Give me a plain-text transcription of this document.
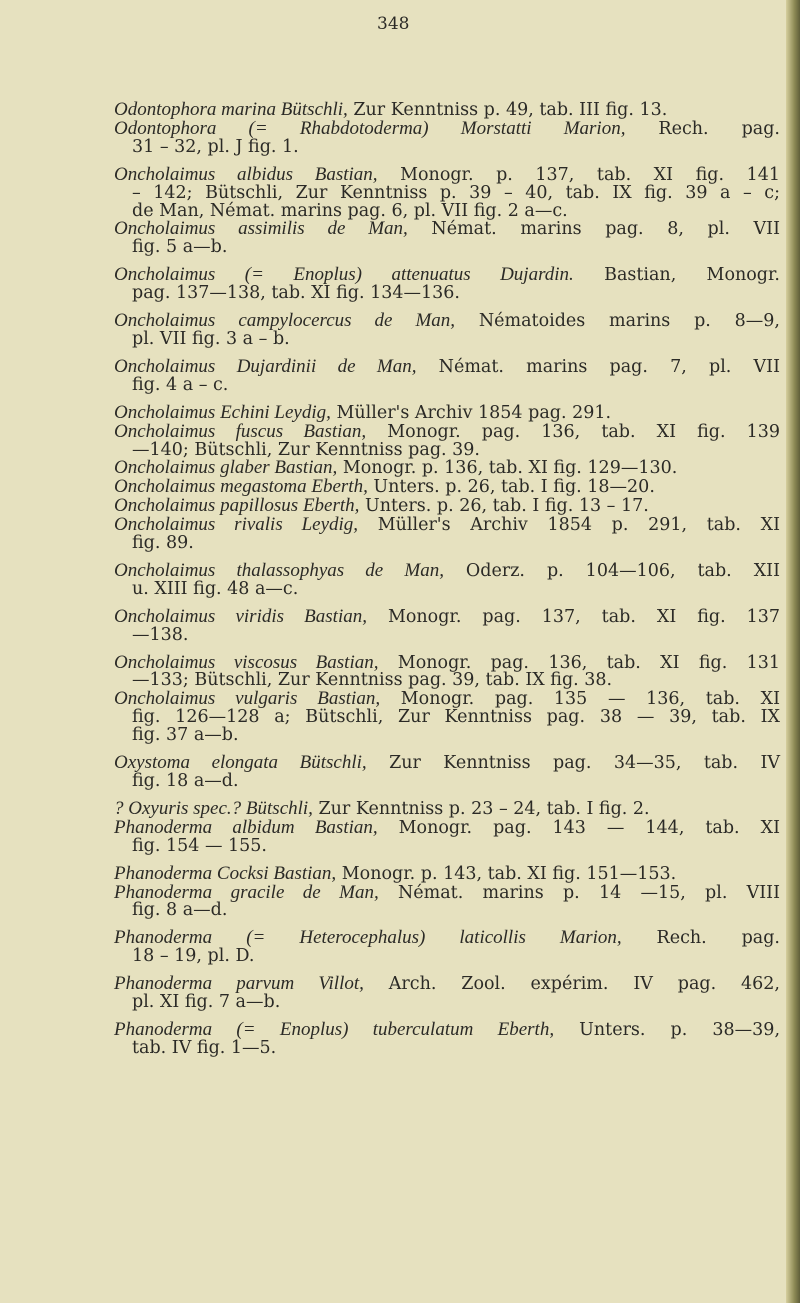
348
Odontophora marina Bütschli, Zur Kenntniss p. 49, tab. III fig. 13.
Odontophora (= Rhabdotoderma) Morstatti Marion, Rech. pag.
31 – 32, pl. J fig. 1.
Oncholaimus albidus Bastian, Monogr. p. 137, tab. XI fig. 141
– 142; Bütschli, Zur Kenntniss p. 39 – 40, tab. IX fig. 39 a – c;
de Man, Némat. marins pag. 6, pl. VII fig. 2 a—c.
Oncholaimus assimilis de Man, Némat. marins pag. 8, pl. VII
fig. 5 a—b.
Oncholaimus (= Enoplus) attenuatus Dujardin. Bastian, Monogr.
pag. 137—138, tab. XI fig. 134—136.
Oncholaimus campylocercus de Man, Nématoides marins p. 8—9,
pl. VII fig. 3 a – b.
Oncholaimus Dujardinii de Man, Némat. marins pag. 7, pl. VII
fig. 4 a – c.
Oncholaimus Echini Leydig, Müller's Archiv 1854 pag. 291.
Oncholaimus fuscus Bastian, Monogr. pag. 136, tab. XI fig. 139
—140; Bütschli, Zur Kenntniss pag. 39.
Oncholaimus glaber Bastian, Monogr. p. 136, tab. XI fig. 129—130.
Oncholaimus megastoma Eberth, Unters. p. 26, tab. I fig. 18—20.
Oncholaimus papillosus Eberth, Unters. p. 26, tab. I fig. 13 – 17.
Oncholaimus rivalis Leydig, Müller's Archiv 1854 p. 291, tab. XI
fig. 89.
Oncholaimus thalassophyas de Man, Oderz. p. 104—106, tab. XII
u. XIII fig. 48 a—c.
Oncholaimus viridis Bastian, Monogr. pag. 137, tab. XI fig. 137
—138.
Oncholaimus viscosus Bastian, Monogr. pag. 136, tab. XI fig. 131
—133; Bütschli, Zur Kenntniss pag. 39, tab. IX fig. 38.
Oncholaimus vulgaris Bastian, Monogr. pag. 135 — 136, tab. XI
fig. 126—128 a; Bütschli, Zur Kenntniss pag. 38 — 39, tab. IX
fig. 37 a—b.
Oxystoma elongata Bütschli, Zur Kenntniss pag. 34—35, tab. IV
fig. 18 a—d.
? Oxyuris spec.? Bütschli, Zur Kenntniss p. 23 – 24, tab. I fig. 2.
Phanoderma albidum Bastian, Monogr. pag. 143 — 144, tab. XI
fig. 154 — 155.
Phanoderma Cocksi Bastian, Monogr. p. 143, tab. XI fig. 151—153.
Phanoderma gracile de Man, Némat. marins p. 14 —15, pl. VIII
fig. 8 a—d.
Phanoderma (= Heterocephalus) laticollis Marion, Rech. pag.
18 – 19, pl. D.
Phanoderma parvum Villot, Arch. Zool. expérim. IV pag. 462,
pl. XI fig. 7 a—b.
Phanoderma (= Enoplus) tuberculatum Eberth, Unters. p. 38—39,
tab. IV fig. 1—5.
